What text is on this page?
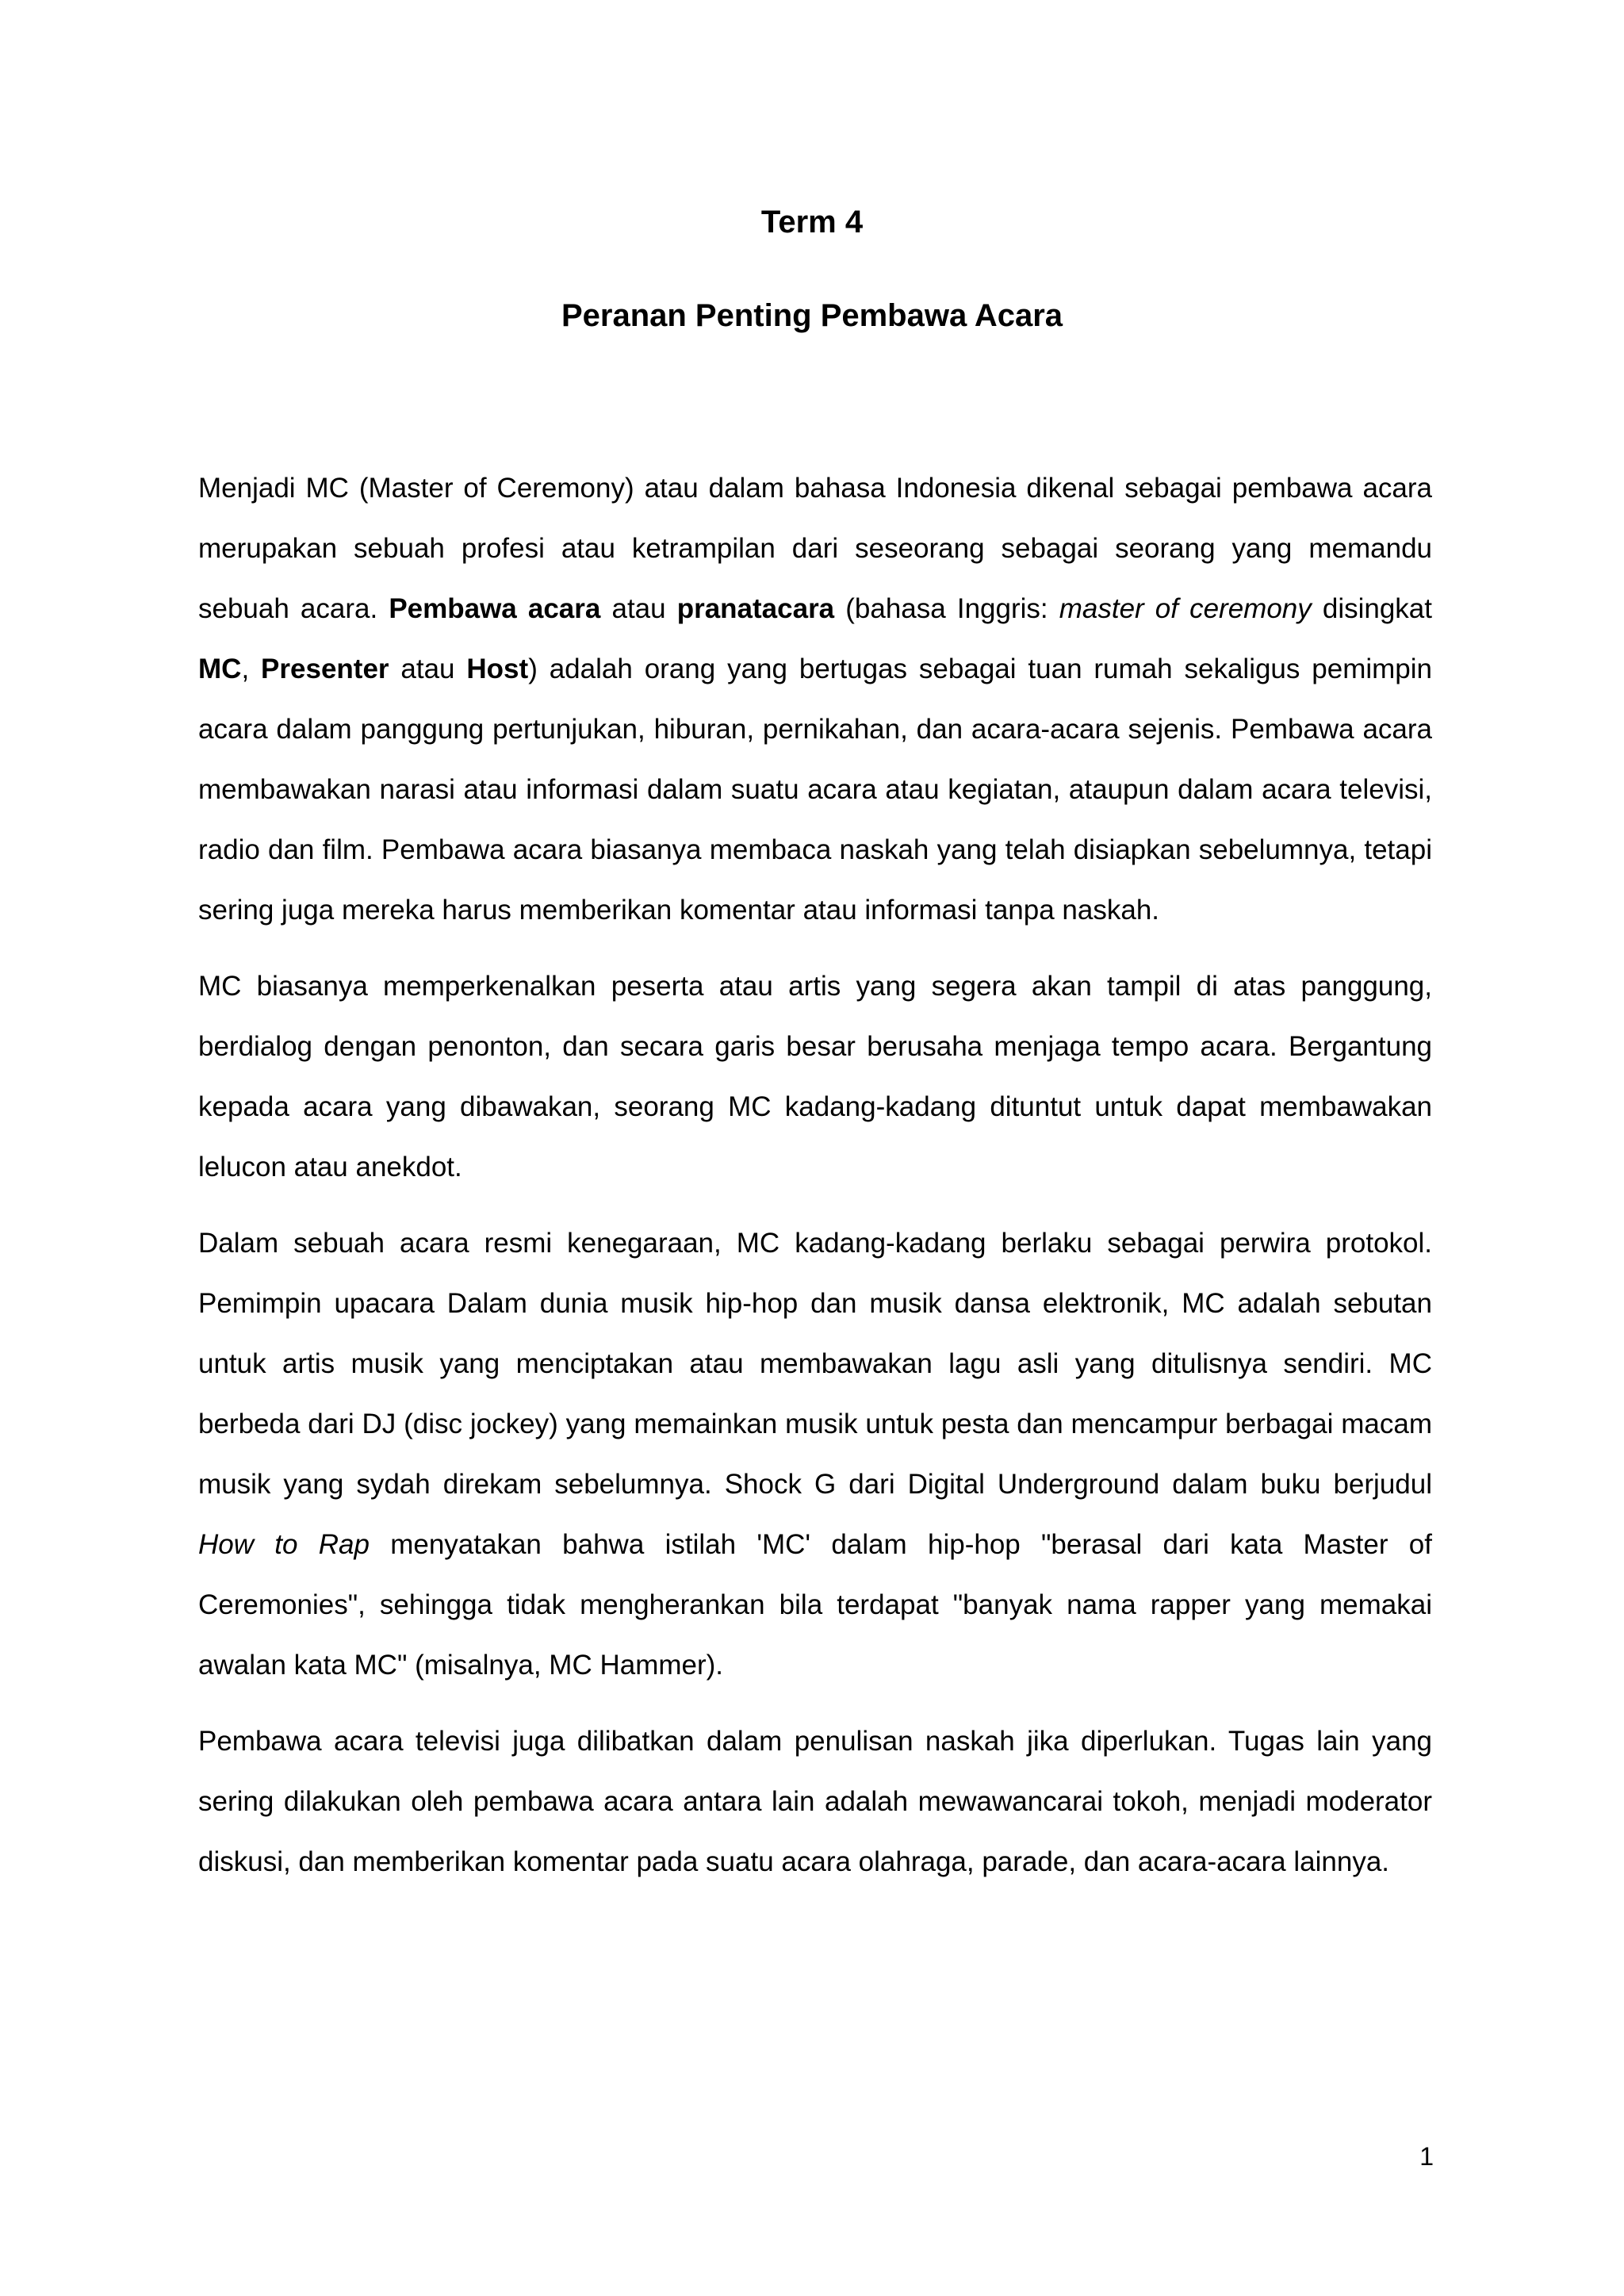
Term 4
Peranan Penting Pembawa Acara

Menjadi MC (Master of Ceremony) atau dalam bahasa Indonesia dikenal sebagai pembawa acara merupakan sebuah profesi atau ketrampilan dari seseorang sebagai seorang yang memandu sebuah acara. Pembawa acara atau pranatacara (bahasa Inggris: master of ceremony disingkat MC, Presenter atau Host) adalah orang yang bertugas sebagai tuan rumah sekaligus pemimpin acara dalam panggung pertunjukan, hiburan, pernikahan, dan acara-acara sejenis. Pembawa acara membawakan narasi atau informasi dalam suatu acara atau kegiatan, ataupun dalam acara televisi, radio dan film. Pembawa acara biasanya membaca naskah yang telah disiapkan sebelumnya, tetapi sering juga mereka harus memberikan komentar atau informasi tanpa naskah.

MC biasanya memperkenalkan peserta atau artis yang segera akan tampil di atas panggung, berdialog dengan penonton, dan secara garis besar berusaha menjaga tempo acara. Bergantung kepada acara yang dibawakan, seorang MC kadang-kadang dituntut untuk dapat membawakan lelucon atau anekdot.

Dalam sebuah acara resmi kenegaraan, MC kadang-kadang berlaku sebagai perwira protokol. Pemimpin upacara Dalam dunia musik hip-hop dan musik dansa elektronik, MC adalah sebutan untuk artis musik yang menciptakan atau membawakan lagu asli yang ditulisnya sendiri. MC berbeda dari DJ (disc jockey) yang memainkan musik untuk pesta dan mencampur berbagai macam musik yang sydah direkam sebelumnya. Shock G dari Digital Underground dalam buku berjudul How to Rap menyatakan bahwa istilah 'MC' dalam hip-hop "berasal dari kata Master of Ceremonies", sehingga tidak mengherankan bila terdapat "banyak nama rapper yang memakai awalan kata MC" (misalnya, MC Hammer).

Pembawa acara televisi juga dilibatkan dalam penulisan naskah jika diperlukan. Tugas lain yang sering dilakukan oleh pembawa acara antara lain adalah mewawancarai tokoh, menjadi moderator diskusi, dan memberikan komentar pada suatu acara olahraga, parade, dan acara-acara lainnya.

1
